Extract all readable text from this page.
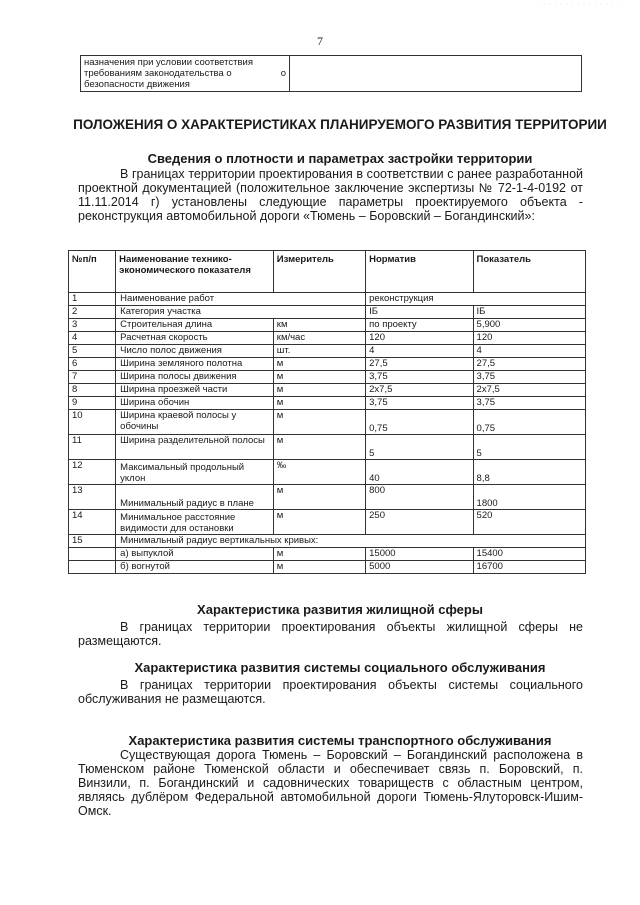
· · · · · · · · · · · · · · ·
7
назначения при условии соответствия
требованиям законодательства о	о
безопасности движения

ПОЛОЖЕНИЯ О ХАРАКТЕРИСТИКАХ ПЛАНИРУЕМОГО РАЗВИТИЯ ТЕРРИТОРИИ
Сведения о плотности и параметрах застройки территории
В границах территории проектирования в соответствии с ранее разработанной проектной документацией (положительное заключение экспертизы № 72-1-4-0192 от 11.11.2014 г) установлены следующие параметры проектируемого объекта - реконструкция автомобильной дороги «Тюмень – Боровский – Богандинский»:
№п/п	Наименование технико-экономического показателя	Измеритель	Норматив	Показатель
1	Наименование работ		реконструкция	
2	Категория участка		IБ	IБ
3	Строительная длина	км	по проекту	5,900
4	Расчетная скорость	км/час	120	120
5	Число полос движения	шт.	4	4
6	Ширина земляного полотна	м	27,5	27,5
7	Ширина полосы движения	м	3,75	3,75
8	Ширина проезжей части	м	2х7,5	2х7,5
9	Ширина обочин	м	3,75	3,75
10	Ширина краевой полосы у обочины	м	0,75	0,75
11	Ширина разделительной полосы	м	5	5
12	Максимальный продольный уклон	‰	40	8,8
13	Минимальный радиус в плане	м	800	1800
14	Минимальное расстояние видимости для остановки	м	250	520
15	Минимальный радиус вертикальных кривых:			
	а) выпуклой	м	15000	15400
	б) вогнутой	м	5000	16700
Характеристика развития жилищной сферы
В границах территории проектирования объекты жилищной сферы не размещаются.
Характеристика развития системы социального обслуживания
В границах территории проектирования объекты системы социального обслуживания не размещаются.
Характеристика развития системы транспортного обслуживания
Существующая дорога Тюмень – Боровский – Богандинский расположена в Тюменском районе Тюменской области и обеспечивает связь п. Боровский, п. Винзили, п. Богандинский и садовнических товариществ с областным центром, являясь дублёром Федеральной автомобильной дороги Тюмень-Ялуторовск-Ишим-Омск.
